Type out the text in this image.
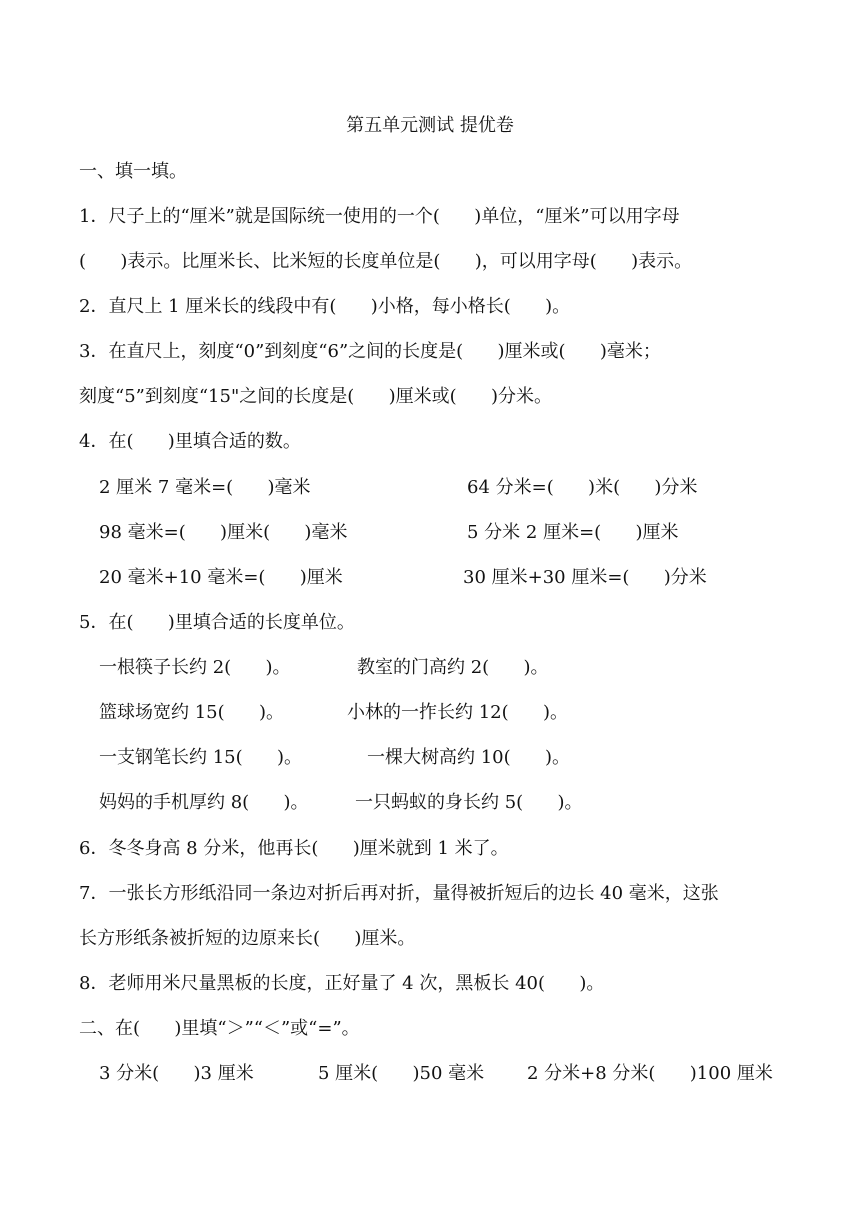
第五单元测试 提优卷
一、填一填。
1．尺子上的“厘米”就是国际统一使用的一个(      )单位，“厘米”可以用字母
(      )表示。比厘米长、比米短的长度单位是(      )，可以用字母(      )表示。
2．直尺上 1 厘米长的线段中有(      )小格，每小格长(      )。
3．在直尺上，刻度“0”到刻度“6”之间的长度是(      )厘米或(      )毫米；
刻度“5”到刻度“15"之间的长度是(      )厘米或(      )分米。
4．在(      )里填合适的数。
2 厘米 7 毫米=(      )毫米	64 分米=(      )米(      )分米
98 毫米=(      )厘米(      )毫米	5 分米 2 厘米=(      )厘米
20 毫米+10 毫米=(      )厘米	30 厘米+30 厘米=(      )分米
5．在(      )里填合适的长度单位。
一根筷子长约 2(      )。	教室的门高约 2(      )。
篮球场宽约 15(      )。	小林的一拃长约 12(      )。
一支钢笔长约 15(      )。	一棵大树高约 10(      )。
妈妈的手机厚约 8(      )。	一只蚂蚁的身长约 5(      )。
6．冬冬身高 8 分米，他再长(      )厘米就到 1 米了。
7．一张长方形纸沿同一条边对折后再对折，量得被折短后的边长 40 毫米，这张
长方形纸条被折短的边原来长(      )厘米。
8．老师用米尺量黑板的长度，正好量了 4 次，黑板长 40(      )。
二、在(      )里填“＞”“＜”或“=”。
3 分米(      )3 厘米	5 厘米(      )50 毫米 2 分米+8 分米(      )100 厘米
